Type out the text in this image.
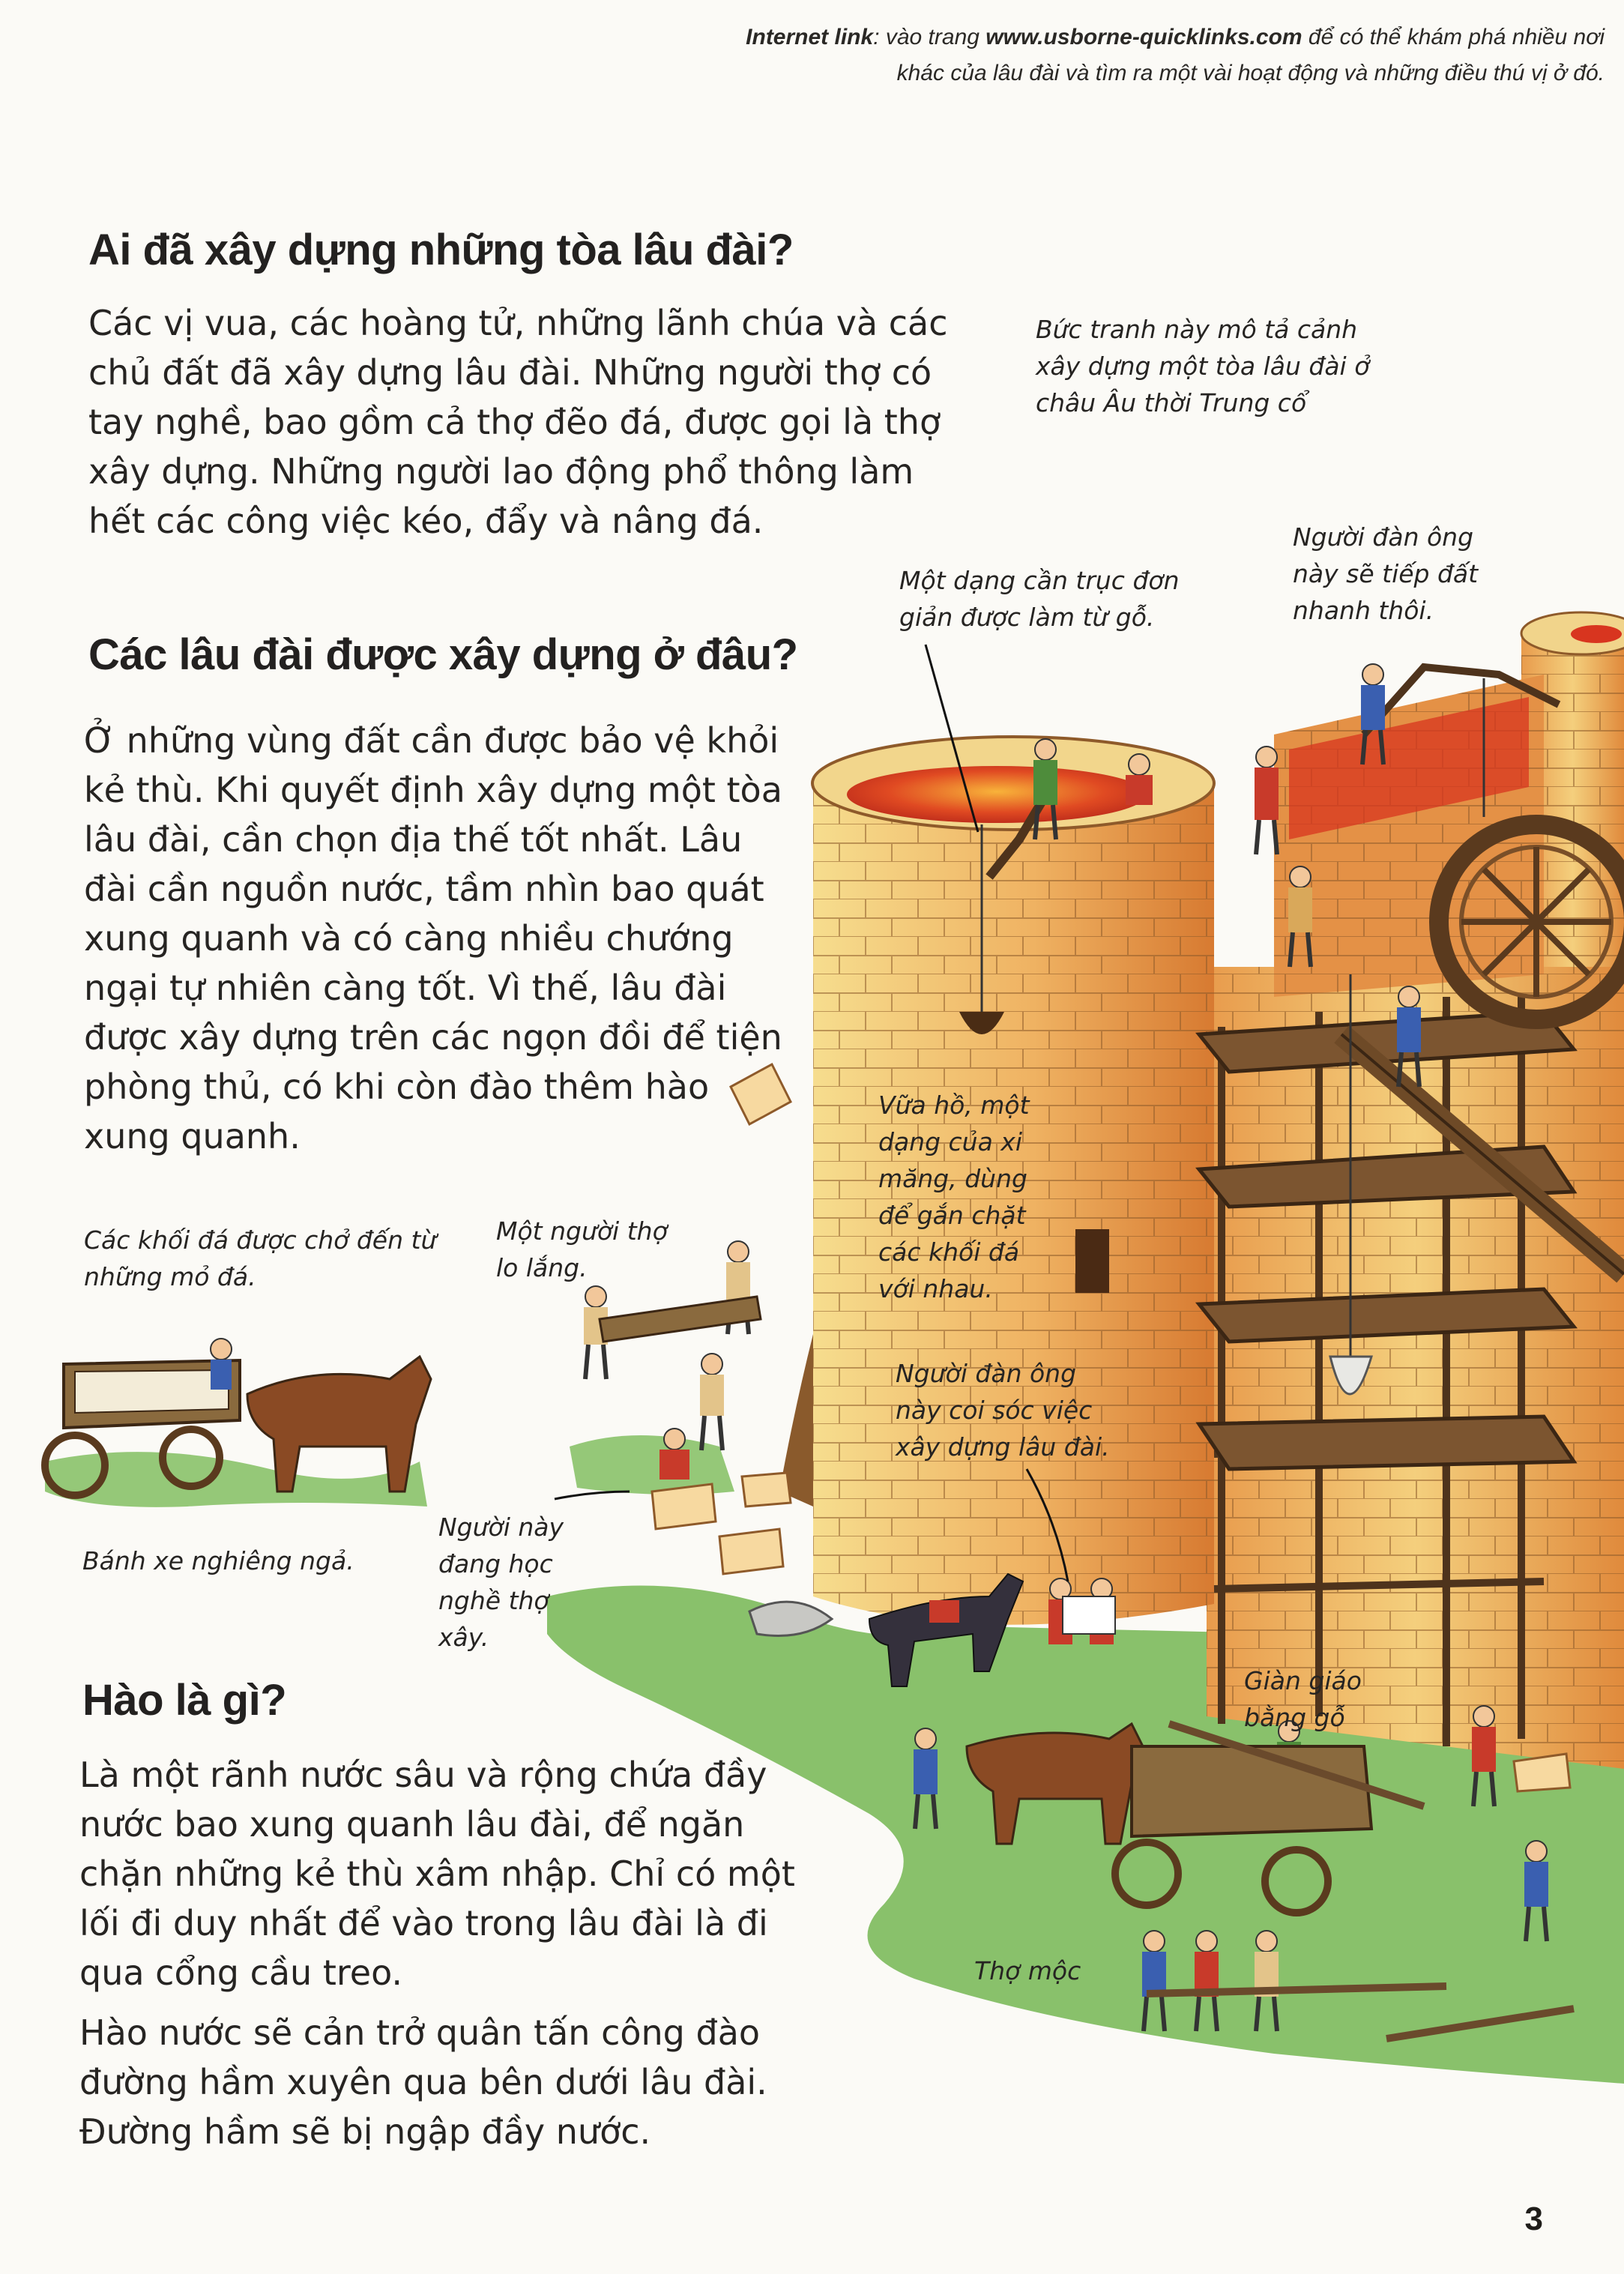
Internet link: vào trang www.usborne-quicklinks.com để có thể khám phá nhiều nơi
khác của lâu đài và tìm ra một vài hoạt động và những điều thú vị ở đó.
Ai đã xây dựng những tòa lâu đài?

Các vị vua, các hoàng tử, những lãnh chúa và các chủ đất đã xây dựng lâu đài. Những người thợ có tay nghề, bao gồm cả thợ đẽo đá, được gọi là thợ xây dựng. Những người lao động phổ thông làm hết các công việc kéo, đẩy và nâng đá.

Các lâu đài được xây dựng ở đâu?

Ở những vùng đất cần được bảo vệ khỏi kẻ thù. Khi quyết định xây dựng một tòa lâu đài, cần chọn địa thế tốt nhất. Lâu đài cần nguồn nước, tầm nhìn bao quát xung quanh và có càng nhiều chướng ngại tự nhiên càng tốt. Vì thế, lâu đài được xây dựng trên các ngọn đồi để tiện phòng thủ, có khi còn đào thêm hào xung quanh.

Hào là gì?

Là một rãnh nước sâu và rộng chứa đầy nước bao xung quanh lâu đài, để ngăn chặn những kẻ thù xâm nhập. Chỉ có một lối đi duy nhất để vào trong lâu đài là đi qua cổng cầu treo.

Hào nước sẽ cản trở quân tấn công đào đường hầm xuyên qua bên dưới lâu đài. Đường hầm sẽ bị ngập đầy nước.

Bức tranh này mô tả cảnh
xây dựng một tòa lâu đài ở
châu Âu thời Trung cổ
Một dạng cần trục đơn
giản được làm từ gỗ.
Người đàn ông
này sẽ tiếp đất
nhanh thôi.
Vữa hồ, một
dạng của xi
măng, dùng
để gắn chặt
các khối đá
với nhau.
Các khối đá được chở đến từ
những mỏ đá.
Một người thợ
lo lắng.
Bánh xe nghiêng ngả.
Người này
đang học
nghề thợ
xây.
Người đàn ông
này coi sóc việc
xây dựng lâu đài.
Giàn giáo
bằng gỗ
Thợ mộc
3
